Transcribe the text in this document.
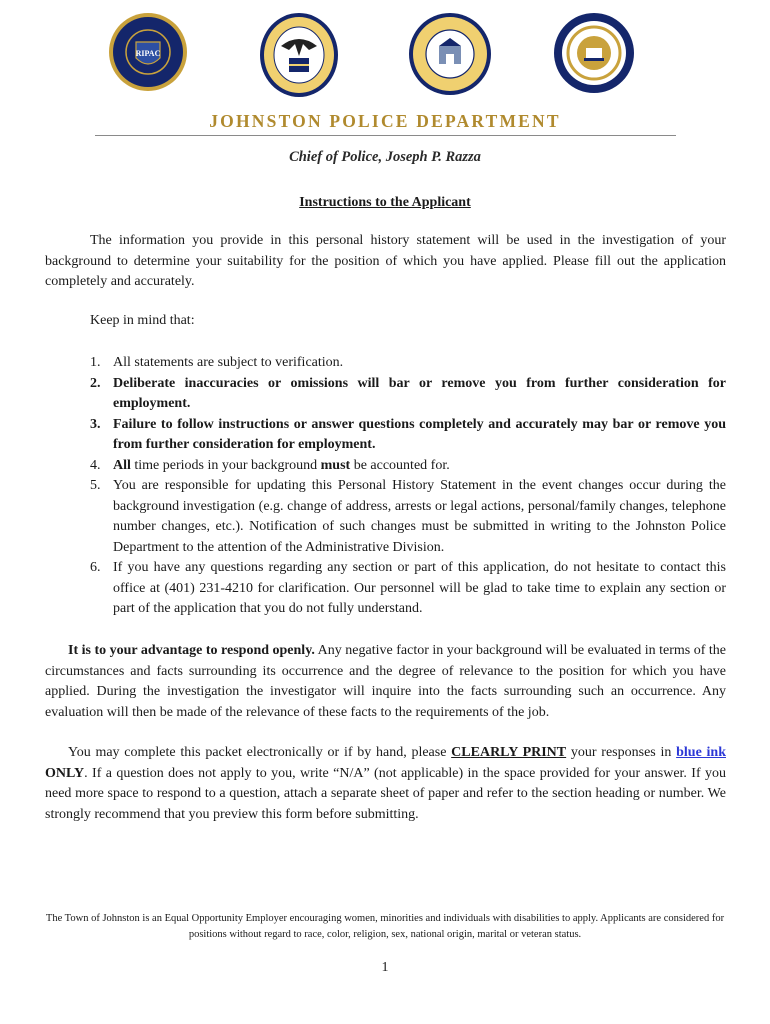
RIPAC
JOHNSTON POLICE DEPARTMENT
Chief of Police, Joseph P. Razza
Instructions to the Applicant

The information you provide in this personal history statement will be used in the investigation of your background to determine your suitability for the position of which you have applied. Please fill out the application completely and accurately.

Keep in mind that:
1. All statements are subject to verification.
2. Deliberate inaccuracies or omissions will bar or remove you from further consideration for employment.
3. Failure to follow instructions or answer questions completely and accurately may bar or remove you from further consideration for employment.
4. All time periods in your background must be accounted for.
5. You are responsible for updating this Personal History Statement in the event changes occur during the background investigation (e.g. change of address, arrests or legal actions, personal/family changes, telephone number changes, etc.). Notification of such changes must be submitted in writing to the Johnston Police Department to the attention of the Administrative Division.
6. If you have any questions regarding any section or part of this application, do not hesitate to contact this office at (401) 231-4210 for clarification. Our personnel will be glad to take time to explain any section or part of the application that you do not fully understand.

It is to your advantage to respond openly. Any negative factor in your background will be evaluated in terms of the circumstances and facts surrounding its occurrence and the degree of relevance to the position for which you have applied. During the investigation the investigator will inquire into the facts surrounding such an occurrence. Any evaluation will then be made of the relevance of these facts to the requirements of the job.

You may complete this packet electronically or if by hand, please CLEARLY PRINT your responses in blue ink ONLY. If a question does not apply to you, write “N/A” (not applicable) in the space provided for your answer. If you need more space to respond to a question, attach a separate sheet of paper and refer to the section heading or number. We strongly recommend that you preview this form before submitting.

The Town of Johnston is an Equal Opportunity Employer encouraging women, minorities and individuals with disabilities to apply. Applicants are considered for positions without regard to race, color, religion, sex, national origin, marital or veteran status.
1
